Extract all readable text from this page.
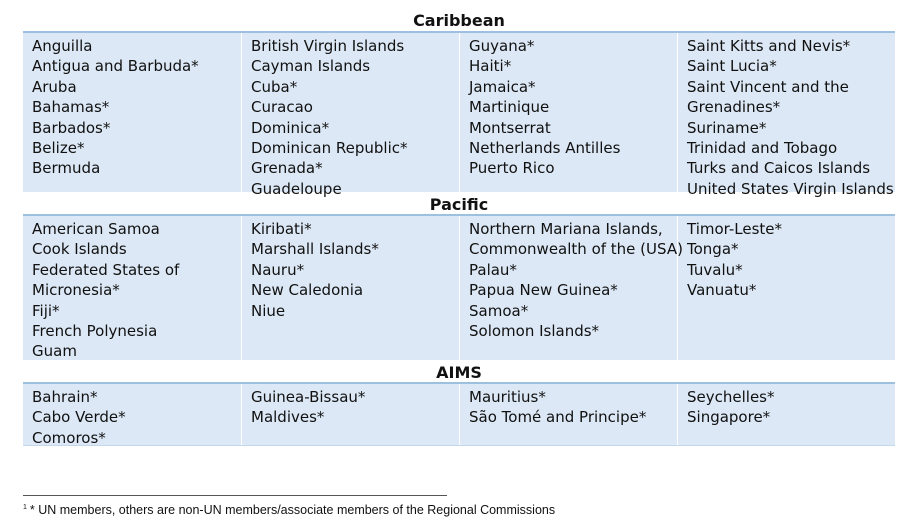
Caribbean
Anguilla
Antigua and Barbuda*
Aruba
Bahamas*
Barbados*
Belize*
Bermuda
British Virgin Islands
Cayman Islands
Cuba*
Curacao
Dominica*
Dominican Republic*
Grenada*
Guadeloupe
Guyana*
Haiti*
Jamaica*
Martinique
Montserrat
Netherlands Antilles
Puerto Rico
Saint Kitts and Nevis*
Saint Lucia*
Saint Vincent and the
Grenadines*
Suriname*
Trinidad and Tobago
Turks and Caicos Islands
United States Virgin Islands
Pacific
American Samoa
Cook Islands
Federated States of
Micronesia*
Fiji*
French Polynesia
Guam
Kiribati*
Marshall Islands*
Nauru*
New Caledonia
Niue
Northern Mariana Islands,
Commonwealth of the (USA)
Palau*
Papua New Guinea*
Samoa*
Solomon Islands*
Timor-Leste*
Tonga*
Tuvalu*
Vanuatu*
AIMS
Bahrain*
Cabo Verde*
Comoros*
Guinea-Bissau*
Maldives*
Mauritius*
São Tomé and Principe*
Seychelles*
Singapore*
$^1$ * UN members, others are non-UN members/associate members of the Regional Commissions
